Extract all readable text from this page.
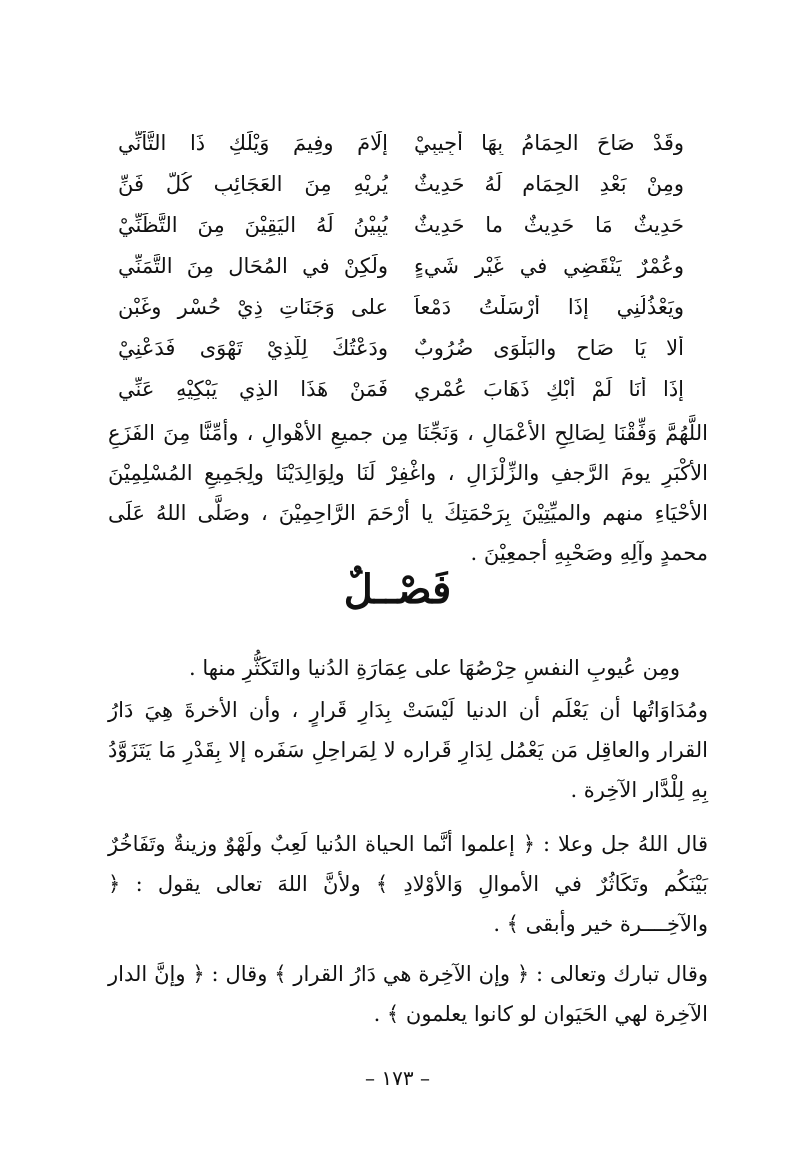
وقَدْ صَاحَ الحِمَامُ بِهَا أجِيبِيْ
إلَامَ وفِيمَ وَيْلَكِ ذَا التَّأنِّي
ومِنْ بَعْدِ الحِمَامِ لَهُ حَدِيثٌ
يُرِيْهِ مِنَ العَجَائِبِ كُلَّ فَنِّ
حَدِيثٌ مَا حَدِيثٌ ما حَدِيثٌ
يُبِيْنُ لَهُ اليَقِيْنَ مِنَ التَّظَنِّيْ
وعُمْرٌ يَنْقَضِي في غَيْرِ شَيءٍ
ولَكِنْ في المُحَالِ مِنَ التَّمَنِّي
ويَعْذُلُنِي إذَا أرْسَلْتُ دَمْعاً
على وَجَنَاتِ ذِيْ حُسْرٍ وغَبْنِ
ألا يَا صَاحِ والبَلْوَى ضُرُوبٌ
ودَعْتُكَ لِلَّذِيْ تَهْوَى فَدَعْنِيْ
إذَا أنَا لَمْ أبْكِ ذَهَابَ عُمْرِي
فَمَنْ هَذَا الذِي يَبْكِيْهِ عَنِّي

اللَّهُمَّ وَفِّقْنَا لِصَالِحِ الأعْمَالِ ، وَنَجِّنَا مِن جميعِ الأهْوالِ ، وأمِّنَّا مِنَ الفَزَعِ الأكْبَرِ يومَ الرَّجفِ والزِّلْزَالِ ، واغْفِرْ لَنَا ولِوَالِدَيْنَا ولِجَمِيعِ المُسْلِمِيْنَ الأحْيَاءِ منهم والميِّتِيْنَ بِرَحْمَتِكَ يا أرْحَمَ الرَّاحِمِيْنَ ، وصَلَّى اللهُ عَلَى محمدٍ وآلِهِ وصَحْبِهِ أجمعِيْنَ .

فَصْــلٌ

ومِن عُيوبِ النفسِ حِرْصُهَا على عِمَارَةِ الدُنيا والتَكَثُّرِ منها .

ومُدَاوَاتُها أن يَعْلَم أن الدنيا لَيْسَتْ بِدَارِ قَرارٍ ، وأن الأخرةَ هِيَ دَارُ القرار والعاقِل مَن يَعْمُل لِدَارِ قَراره لا لِمَراحِلِ سَفَره إلا بِقَدْرِ مَا يَتَزَوَّدُ بِهِ لِلْدَّار الآخِرة .

قال اللهُ جل وعلا : ﴿ إعلموا أنَّما الحياة الدُنيا لَعِبٌ ولَهْوٌ وزينةٌ وتَفَاخُرٌ بَيْنَكُم وتَكَاثُرٌ في الأموالِ وَالأوْلادِ ﴾ ولأنَّ اللهَ تعالى يقول : ﴿ والآخِــــرة خير وأبقى ﴾ .

وقال تبارك وتعالى : ﴿ وإن الآخِرة هي دَارُ القرار ﴾ وقال : ﴿ وإنَّ الدار الآخِرة لهي الحَيَوان لو كانوا يعلمون ﴾ .

– ١٧٣ –
